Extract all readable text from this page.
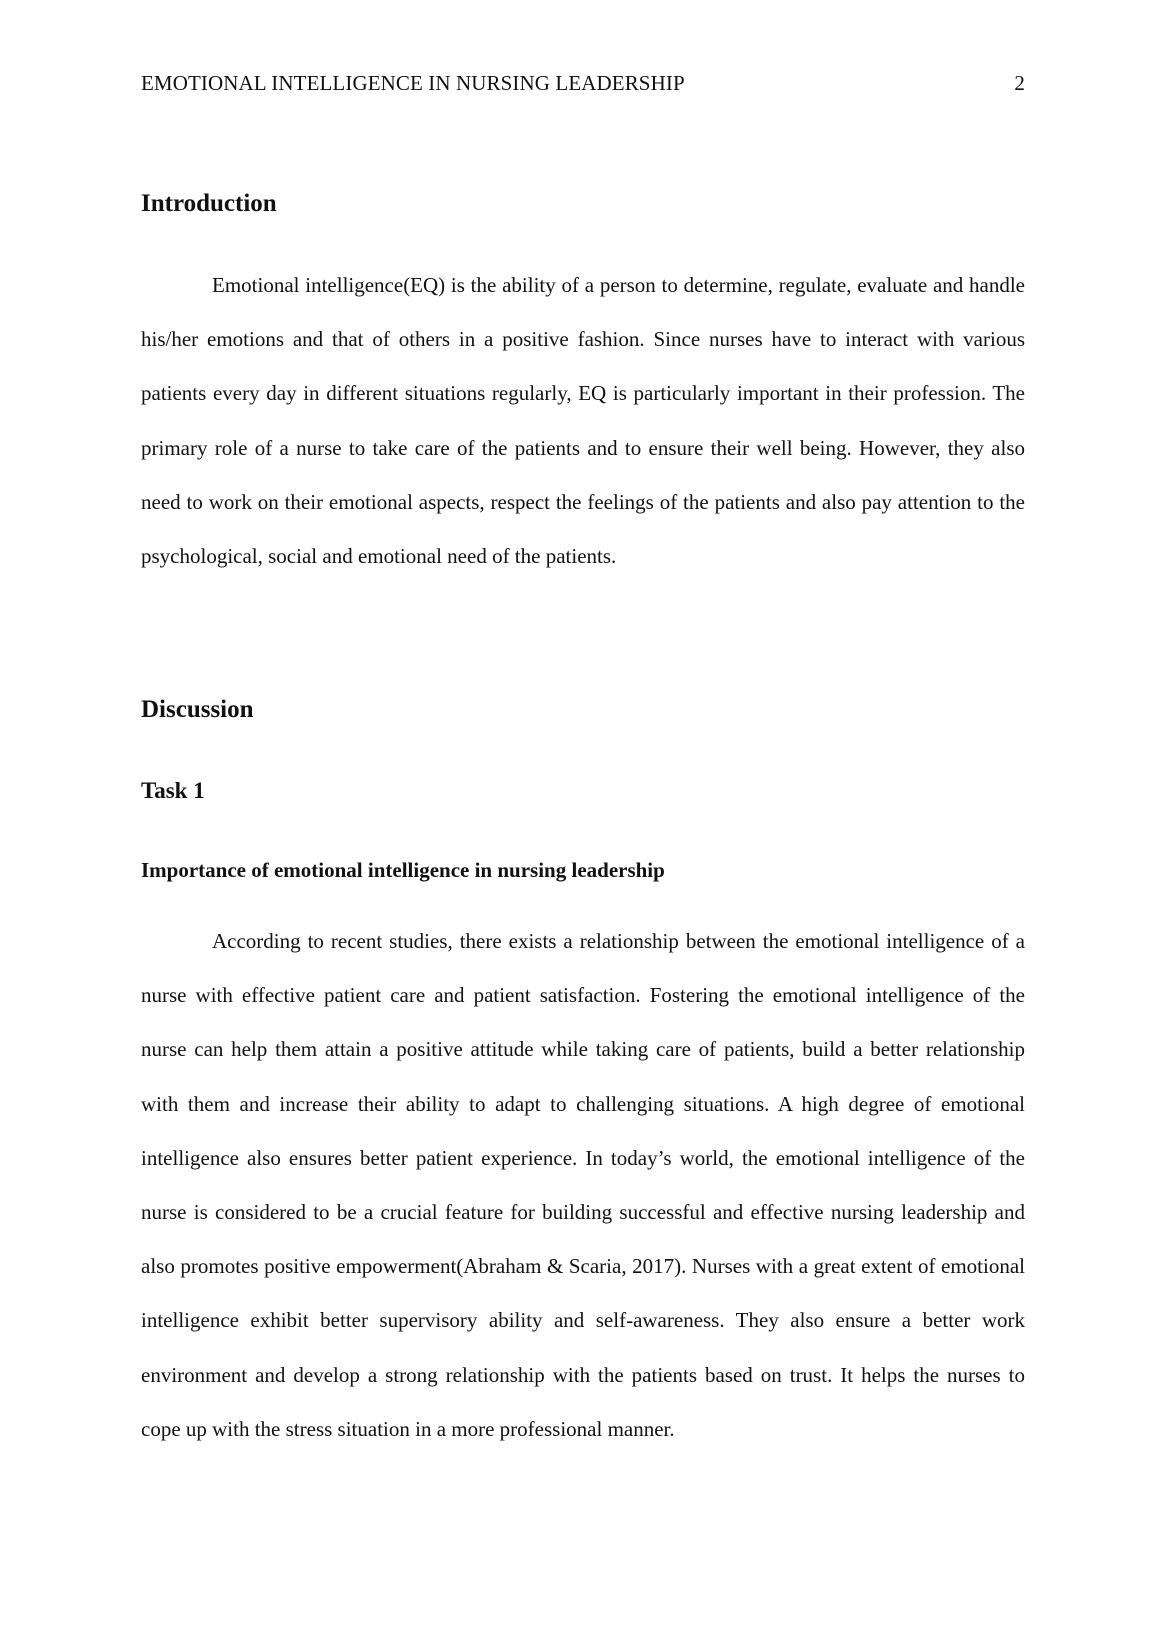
EMOTIONAL INTELLIGENCE IN NURSING LEADERSHIP	2
Introduction

Emotional intelligence(EQ) is the ability of a person to determine, regulate, evaluate and handle his/her emotions and that of others in a positive fashion. Since nurses have to interact with various patients every day in different situations regularly, EQ is particularly important in their profession. The primary role of a nurse to take care of the patients and to ensure their well being. However, they also need to work on their emotional aspects, respect the feelings of the patients and also pay attention to the psychological, social and emotional need of the patients.

Discussion
Task 1
Importance of emotional intelligence in nursing leadership

According to recent studies, there exists a relationship between the emotional intelligence of a nurse with effective patient care and patient satisfaction. Fostering the emotional intelligence of the nurse can help them attain a positive attitude while taking care of patients, build a better relationship with them and increase their ability to adapt to challenging situations. A high degree of emotional intelligence also ensures better patient experience. In today’s world, the emotional intelligence of the nurse is considered to be a crucial feature for building successful and effective nursing leadership and also promotes positive empowerment(Abraham & Scaria, 2017). Nurses with a great extent of emotional intelligence exhibit better supervisory ability and self-awareness. They also ensure a better work environment and develop a strong relationship with the patients based on trust. It helps the nurses to cope up with the stress situation in a more professional manner.
